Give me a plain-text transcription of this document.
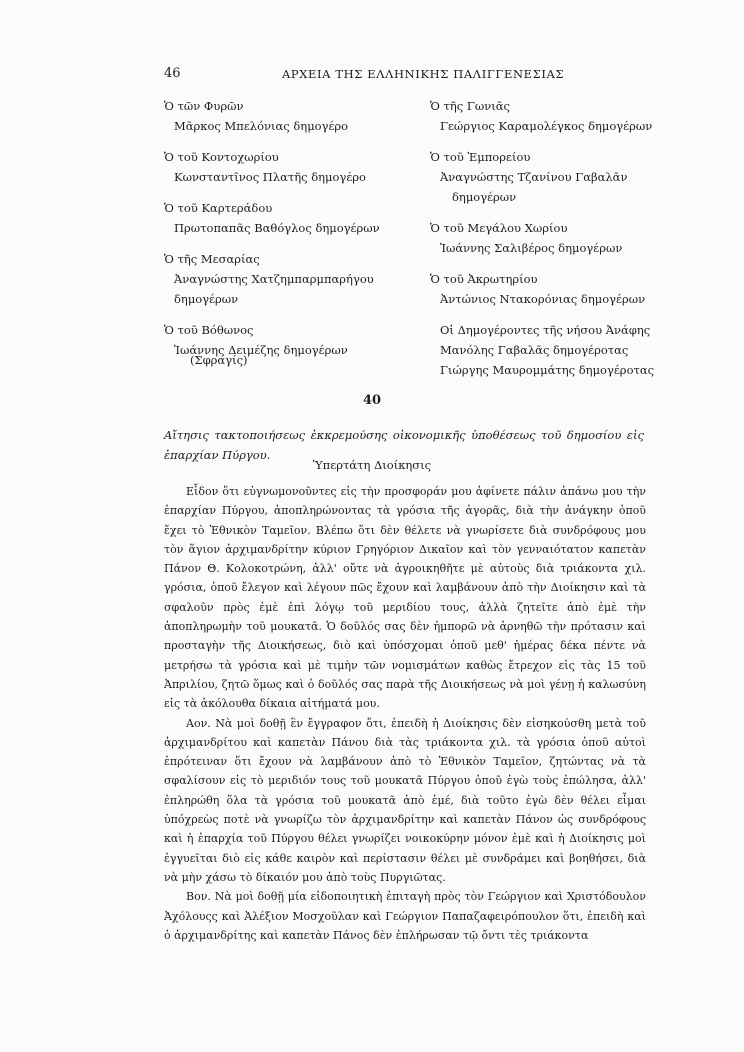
46	ΑΡΧΕΙΑ ΤΗΣ ΕΛΛΗΝΙΚΗΣ ΠΑΛΙΓΓΕΝΕΣΙΑΣ
Ὁ τῶν Φυρῶν
Μᾶρκος Μπελόνιας δημογέρο
Ὁ τοῦ Κοντοχωρίου
Κωνσταντῖνος Πλατῆς δημογέρο
Ὁ τοῦ Καρτεράδου
Πρωτοπαπᾶς Βαθόγλος δημογέρων
Ὁ τῆς Μεσαρίας
Ἀναγνώστης Χατζημπαρμπαρήγου
δημογέρων
Ὁ τοῦ Βόθωνος
Ἰωάννης Δειμέζης δημογέρων
Ὁ τῆς Γωνιᾶς
Γεώργιος Καραμολέγκος δημογέρων
Ὁ τοῦ Ἐμπορείου
Ἀναγνώστης Τζανίνου Γαβαλᾶν
δημογέρων
Ὁ τοῦ Μεγάλου Χωρίου
Ἰωάννης Σαλιβέρος δημογέρων
Ὁ τοῦ Ἀκρωτηρίου
Ἀντώνιος Ντακορόνιας δημογέρων
Οἱ Δημογέροντες τῆς νήσου Ἀνάφης
Μανόλης Γαβαλᾶς δημογέροτας
Γιώργης Μαυρομμάτης δημογέροτας
(Σφραγίς)
40
Αἴτησις τακτοποιήσεως ἐκκρεμούσης οἰκονομικῆς ὑποθέσεως τοῦ δημοσίου εἰς ἐπαρχίαν Πύργου.
Ὑπερτάτη Διοίκησις

Εἶδον ὅτι εὐγνωμονοῦντες εἰς τὴν προσφοράν μου ἀφίνετε πάλιν ἀπάνω μου τὴν ἐπαρχίαν Πύργου, ἀποπληρώνοντας τὰ γρόσια τῆς ἀγορᾶς, διὰ τὴν ἀνάγκην ὁποῦ ἔχει τὸ Ἐθνικὸν Ταμεῖον. Βλέπω ὅτι δὲν θέλετε νὰ γνωρίσετε διὰ συνδρόφους μου τὸν ἅγιον ἀρχιμανδρίτην κύριον Γρηγόριον Δικαῖον καὶ τὸν γενναιότατον καπετὰν Πάνον Θ. Κολοκοτρώνη, ἀλλ' οὔτε νὰ ἀγροικηθῆτε μὲ αὐτοὺς διὰ τριάκοντα χιλ. γρόσια, ὁποῦ ἔλεγον καὶ λέγουν πῶς ἔχουν καὶ λαμβάνουν ἀπὸ τὴν Διοίκησιν καὶ τὰ σφαλοῦν πρὸς ἐμὲ ἐπὶ λόγῳ τοῦ μεριδίου τους, ἀλλὰ ζητεῖτε ἀπὸ ἐμὲ τὴν ἀποπληρωμὴν τοῦ μουκατᾶ. Ὁ δοῦλός σας δὲν ἠμπορῶ νὰ ἀρνηθῶ τὴν πρότασιν καὶ προσταγὴν τῆς Διοικήσεως, διὸ καὶ ὑπόσχομαι ὁποῦ μεθ' ἡμέρας δέκα πέντε νὰ μετρήσω τὰ γρόσια καὶ μὲ τιμὴν τῶν νομισμάτων καθὼς ἔτρεχον εἰς τὰς 15 τοῦ Ἀπριλίου, ζητῶ ὅμως καὶ ὁ δοῦλός σας παρὰ τῆς Διοικήσεως νὰ μοὶ γένῃ ἡ καλωσύνη εἰς τὰ ἀκόλουθα δίκαια αἰτήματά μου.

Αον. Νὰ μοὶ δοθῇ ἓν ἔγγραφον ὅτι, ἐπειδὴ ἡ Διοίκησις δὲν εἰσηκούσθη μετὰ τοῦ ἀρχιμανδρίτου καὶ καπετὰν Πάνου διὰ τὰς τριάκοντα χιλ. τὰ γρόσια ὁποῦ αὐτοὶ ἐπρότειναν ὅτι ἔχουν νὰ λαμβάνουν ἀπὸ τὸ Ἐθνικὸν Ταμεῖον, ζητώντας νὰ τὰ σφαλίσουν εἰς τὸ μεριδιόν τους τοῦ μουκατᾶ Πύργου ὁποῦ ἐγὼ τοὺς ἐπώλησα, ἀλλ' ἐπληρώθη ὅλα τὰ γρόσια τοῦ μουκατᾶ ἀπὸ ἐμέ, διὰ τοῦτο ἐγὼ δὲν θέλει εἶμαι ὑπόχρεὼς ποτὲ νὰ γνωρίζω τὸν ἀρχιμανδρίτην καὶ καπετὰν Πάνον ὡς συνδρόφους καὶ ἡ ἐπαρχία τοῦ Πύργου θέλει γνωρίζει νοικοκύρην μόνον ἐμὲ καὶ ἡ Διοίκησις μοὶ ἐγγυεῖται διὸ εἰς κάθε καιρὸν καὶ περίστασιν θέλει μὲ συνδράμει καὶ βοηθήσει, διὰ νὰ μὴν χάσω τὸ δίκαιόν μου ἀπὸ τοὺς Πυργιῶτας.

Βον. Νὰ μοὶ δοθῇ μία εἰδοποιητικὴ ἐπιταγὴ πρὸς τὸν Γεώργιον καὶ Χριστόδουλον Ἀχόλουςς καὶ Ἀλέξιον Μοσχοῦλαν καὶ Γεώργιον Παπαζαφειρόπουλον ὅτι, ἐπειδὴ καὶ ὁ ἀρχιμανδρίτης καὶ καπετὰν Πάνος δὲν ἐπλήρωσαν τῷ ὄντι τὲς τριάκοντα
